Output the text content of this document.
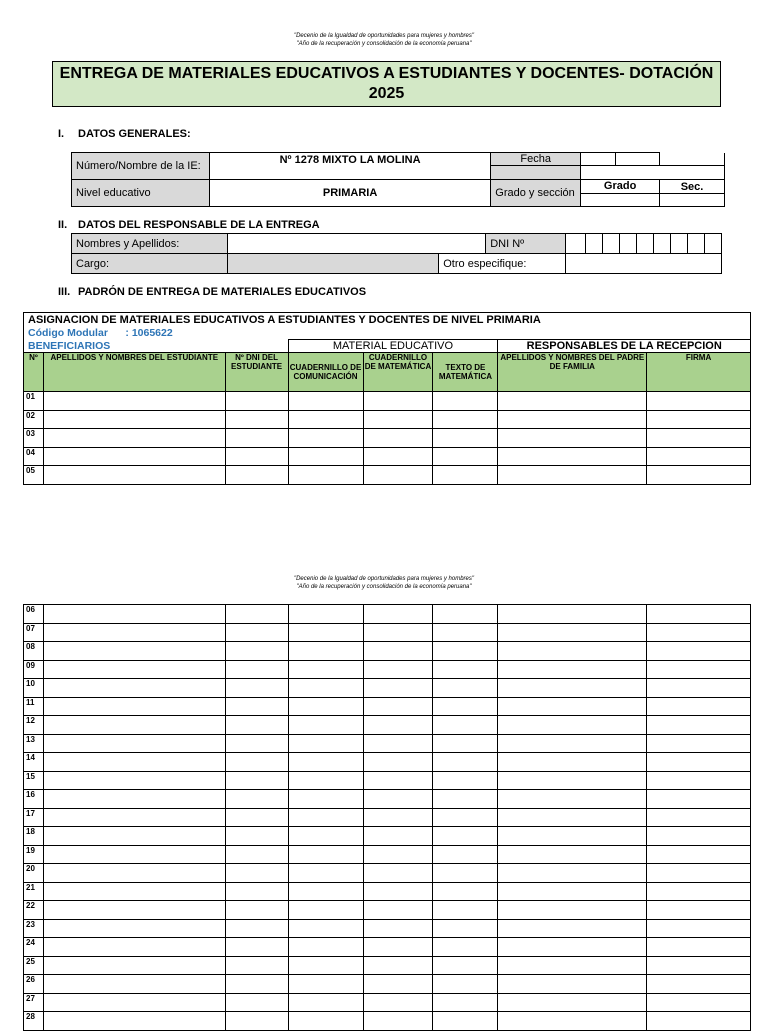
"Decenio de la Igualdad de oportunidades para mujeres y hombres"
"Año de la recuperación y consolidación de la economía peruana"
ENTREGA DE MATERIALES EDUCATIVOS A ESTUDIANTES Y DOCENTES- DOTACIÓN 2025
I. DATOS GENERALES:
Número/Nombre de la IE:	Nº 1278 MIXTO LA MOLINA	Fecha			

Nivel educativo	PRIMARIA	Grado y sección	Grado		Sec.

II. DATOS DEL RESPONSABLE DE LA ENTREGA
Nombres y Apellidos:			DNI Nº									
Cargo:		Otro especifique:										
III. PADRÓN DE ENTREGA DE MATERIALES EDUCATIVOS
ASIGNACION DE MATERIALES EDUCATIVOS A ESTUDIANTES Y DOCENTES DE NIVEL PRIMARIA							
Código Modular      : 1065622							
BENEFICIARIOS			MATERIAL EDUCATIVO			RESPONSABLES DE LA RECEPCION	
Nº	APELLIDOS Y NOMBRES DEL ESTUDIANTE	Nº DNI DEL ESTUDIANTE	CUADERNILLO DE COMUNICACIÓN	CUADERNILLO DE MATEMÁTICA	TEXTO DE MATEMÁTICA	APELLIDOS Y NOMBRES DEL PADRE DE FAMILIA	FIRMA
01							
02							
03							
04							
05							
"Decenio de la Igualdad de oportunidades para mujeres y hombres"
"Año de la recuperación y consolidación de la economía peruana"
06							
07							
08							
09							
10							
11							
12							
13							
14							
15							
16							
17							
18							
19							
20							
21							
22							
23							
24							
25							
26							
27							
28							
